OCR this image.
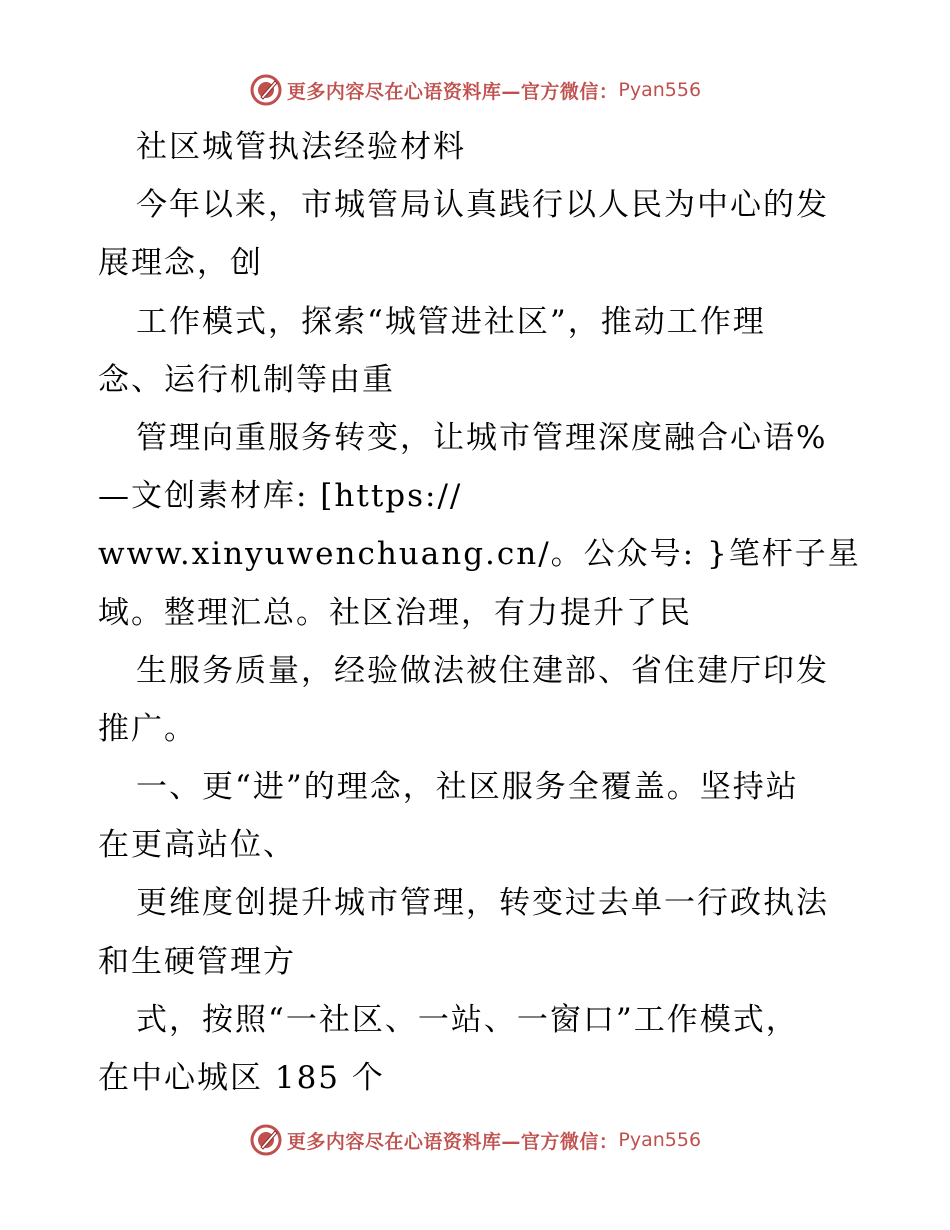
更多内容尽在心语资料库—官方微信： Pyan556
社区城管执法经验材料
今年以来，市城管局认真践行以人民为中心的发
展理念，创
工作模式，探索“城管进社区”，推动工作理
念、运行机制等由重
管理向重服务转变，让城市管理深度融合心语%
—文创素材库: [https://
www.xinyuwenchuang.cn/。公众号: }笔杆子星
域。整理汇总。社区治理，有力提升了民
生服务质量，经验做法被住建部、省住建厅印发
推广。
一、更“进”的理念，社区服务全覆盖。坚持站
在更高站位、
更维度创提升城市管理，转变过去单一行政执法
和生硬管理方
式，按照“一社区、一站、一窗口”工作模式，
在中心城区 185 个
更多内容尽在心语资料库—官方微信： Pyan556
